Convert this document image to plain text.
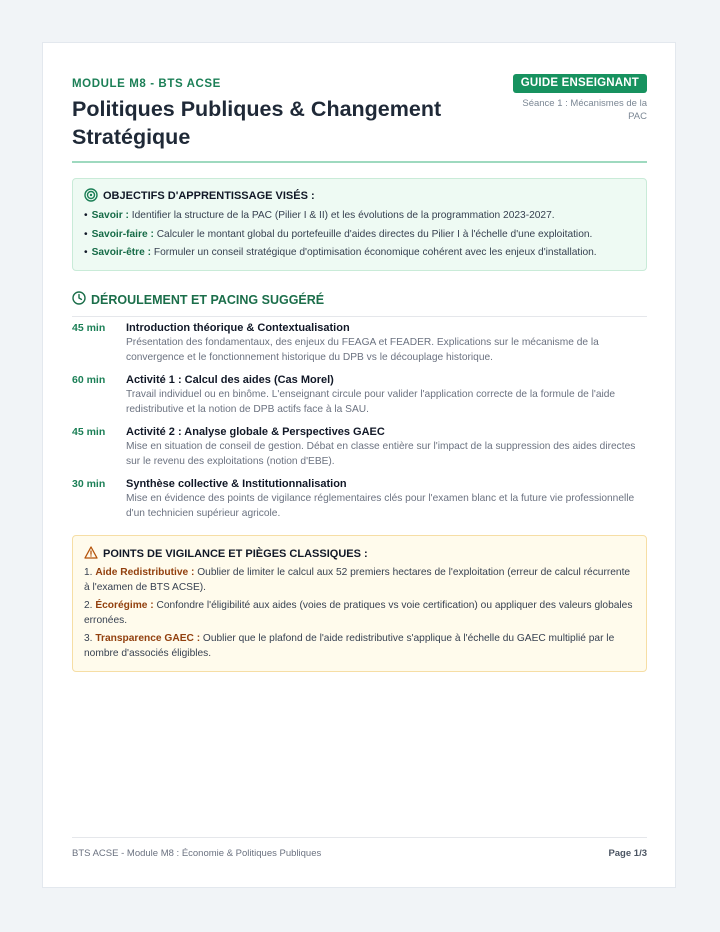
MODULE M8 - BTS ACSE
Politiques Publiques & Changement Stratégique
GUIDE ENSEIGNANT
Séance 1 : Mécanismes de la PAC
OBJECTIFS D'APPRENTISSAGE VISÉS :
• Savoir : Identifier la structure de la PAC (Pilier I & II) et les évolutions de la programmation 2023-2027.
• Savoir-faire : Calculer le montant global du portefeuille d'aides directes du Pilier I à l'échelle d'une exploitation.
• Savoir-être : Formuler un conseil stratégique d'optimisation économique cohérent avec les enjeux d'installation.
DÉROULEMENT ET PACING SUGGÉRÉ
45 min Introduction théorique & Contextualisation
Présentation des fondamentaux, des enjeux du FEAGA et FEADER. Explications sur le mécanisme de la convergence et le fonctionnement historique du DPB vs le découplage historique.
60 min Activité 1 : Calcul des aides (Cas Morel)
Travail individuel ou en binôme. L'enseignant circule pour valider l'application correcte de la formule de l'aide redistributive et la notion de DPB actifs face à la SAU.
45 min Activité 2 : Analyse globale & Perspectives GAEC
Mise en situation de conseil de gestion. Débat en classe entière sur l'impact de la suppression des aides directes sur le revenu des exploitations (notion d'EBE).
30 min Synthèse collective & Institutionnalisation
Mise en évidence des points de vigilance réglementaires clés pour l'examen blanc et la future vie professionnelle d'un technicien supérieur agricole.
POINTS DE VIGILANCE ET PIÈGES CLASSIQUES :
1. Aide Redistributive : Oublier de limiter le calcul aux 52 premiers hectares de l'exploitation (erreur de calcul récurrente à l'examen de BTS ACSE).
2. Écorégime : Confondre l'éligibilité aux aides (voies de pratiques vs voie certification) ou appliquer des valeurs globales erronées.
3. Transparence GAEC : Oublier que le plafond de l'aide redistributive s'applique à l'échelle du GAEC multiplié par le nombre d'associés éligibles.
BTS ACSE - Module M8 : Économie & Politiques Publiques	Page 1/3
